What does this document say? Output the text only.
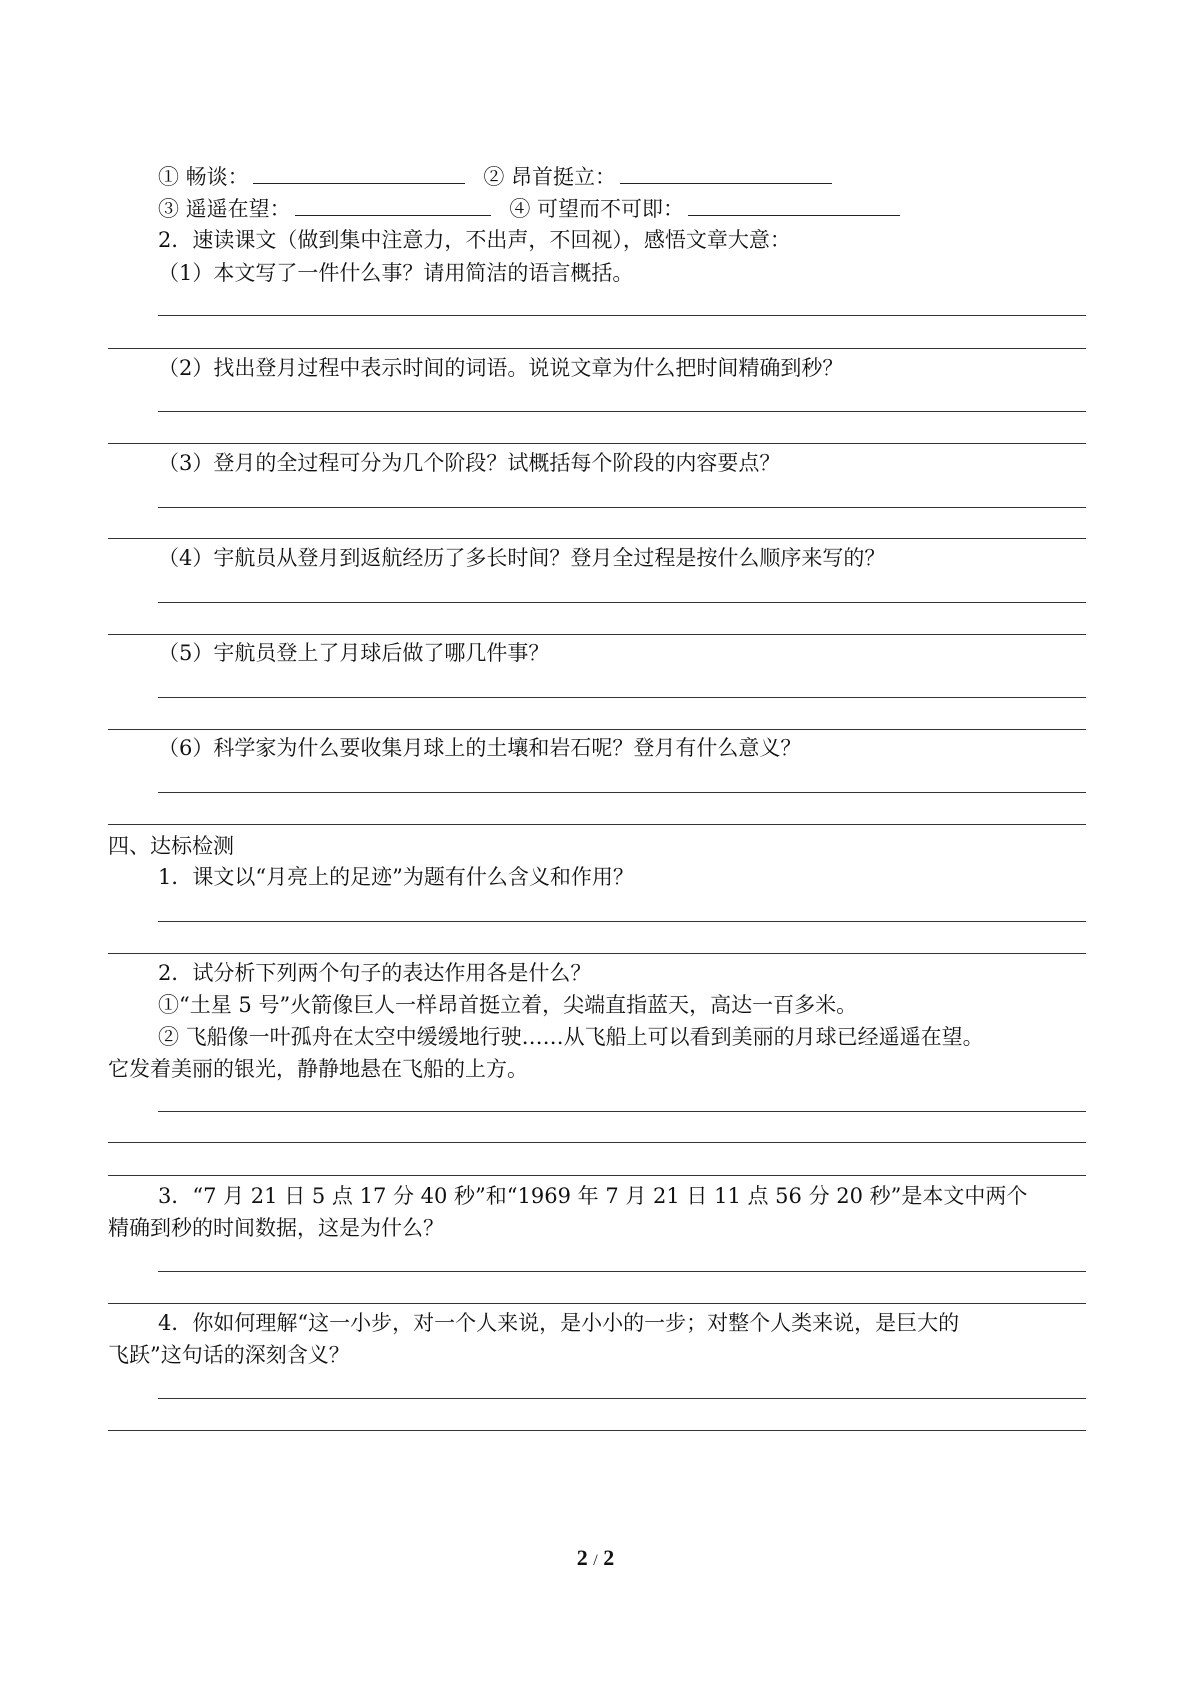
① 畅谈：	② 昂首挺立：
③ 遥遥在望：	④ 可望而不可即：
2．速读课文（做到集中注意力，不出声，不回视），感悟文章大意：
（1）本文写了一件什么事？请用简洁的语言概括。
（2）找出登月过程中表示时间的词语。说说文章为什么把时间精确到秒？
（3）登月的全过程可分为几个阶段？试概括每个阶段的内容要点？
（4）宇航员从登月到返航经历了多长时间？登月全过程是按什么顺序来写的？
（5）宇航员登上了月球后做了哪几件事？
（6）科学家为什么要收集月球上的土壤和岩石呢？登月有什么意义？
四、达标检测
1．课文以“月亮上的足迹”为题有什么含义和作用？
2．试分析下列两个句子的表达作用各是什么？
①“土星 5 号”火箭像巨人一样昂首挺立着，尖端直指蓝天，高达一百多米。
② 飞船像一叶孤舟在太空中缓缓地行驶……从飞船上可以看到美丽的月球已经遥遥在望。
它发着美丽的银光，静静地悬在飞船的上方。
3．“7 月 21 日 5 点 17 分 40 秒”和“1969 年 7 月 21 日 11 点 56 分 20 秒”是本文中两个
精确到秒的时间数据，这是为什么？
4．你如何理解“这一小步，对一个人来说，是小小的一步；对整个人类来说，是巨大的
飞跃”这句话的深刻含义？
2 / 2
